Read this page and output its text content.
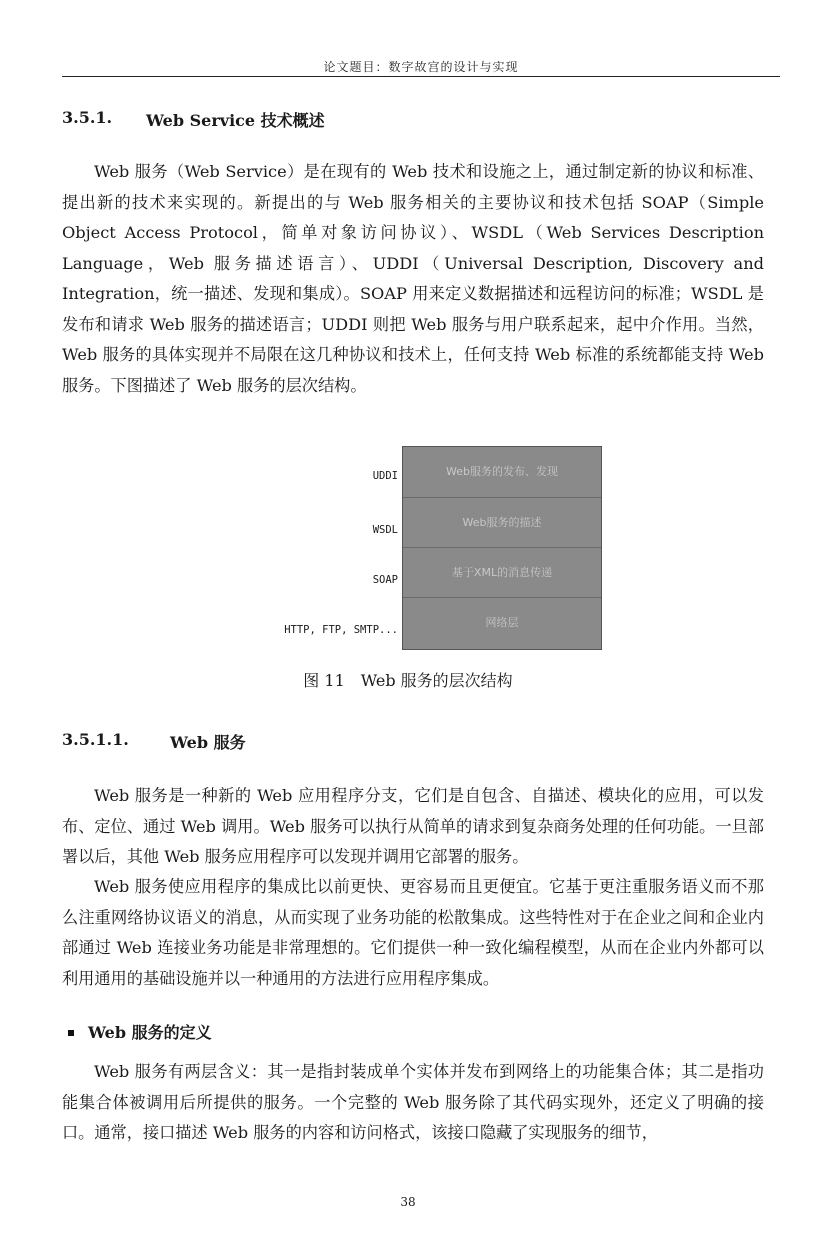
论文题目：数字故宫的设计与实现
3.5.1. Web Service 技术概述

Web 服务（Web Service）是在现有的 Web 技术和设施之上，通过制定新的协议和标准、提出新的技术来实现的。新提出的与 Web 服务相关的主要协议和技术包括 SOAP（Simple Object Access Protocol，简单对象访问协议）、WSDL（Web Services Description Language，Web 服务描述语言）、UDDI（Universal Description, Discovery and Integration，统一描述、发现和集成）。SOAP 用来定义数据描述和远程访问的标准；WSDL 是发布和请求 Web 服务的描述语言；UDDI 则把 Web 服务与用户联系起来，起中介作用。当然，Web 服务的具体实现并不局限在这几种协议和技术上，任何支持 Web 标准的系统都能支持 Web 服务。下图描述了 Web 服务的层次结构。

UDDI
WSDL
SOAP
HTTP, FTP, SMTP...
Web服务的发布、发现
Web服务的描述
基于XML的消息传递
网络层
图 11　Web 服务的层次结构
3.5.1.1.	Web 服务

Web 服务是一种新的 Web 应用程序分支，它们是自包含、自描述、模块化的应用，可以发布、定位、通过 Web 调用。Web 服务可以执行从简单的请求到复杂商务处理的任何功能。一旦部署以后，其他 Web 服务应用程序可以发现并调用它部署的服务。

Web 服务使应用程序的集成比以前更快、更容易而且更便宜。它基于更注重服务语义而不那么注重网络协议语义的消息，从而实现了业务功能的松散集成。这些特性对于在企业之间和企业内部通过 Web 连接业务功能是非常理想的。它们提供一种一致化编程模型，从而在企业内外都可以利用通用的基础设施并以一种通用的方法进行应用程序集成。

Web 服务的定义

Web 服务有两层含义：其一是指封装成单个实体并发布到网络上的功能集合体；其二是指功能集合体被调用后所提供的服务。一个完整的 Web 服务除了其代码实现外，还定义了明确的接口。通常，接口描述 Web 服务的内容和访问格式，该接口隐藏了实现服务的细节，

38
